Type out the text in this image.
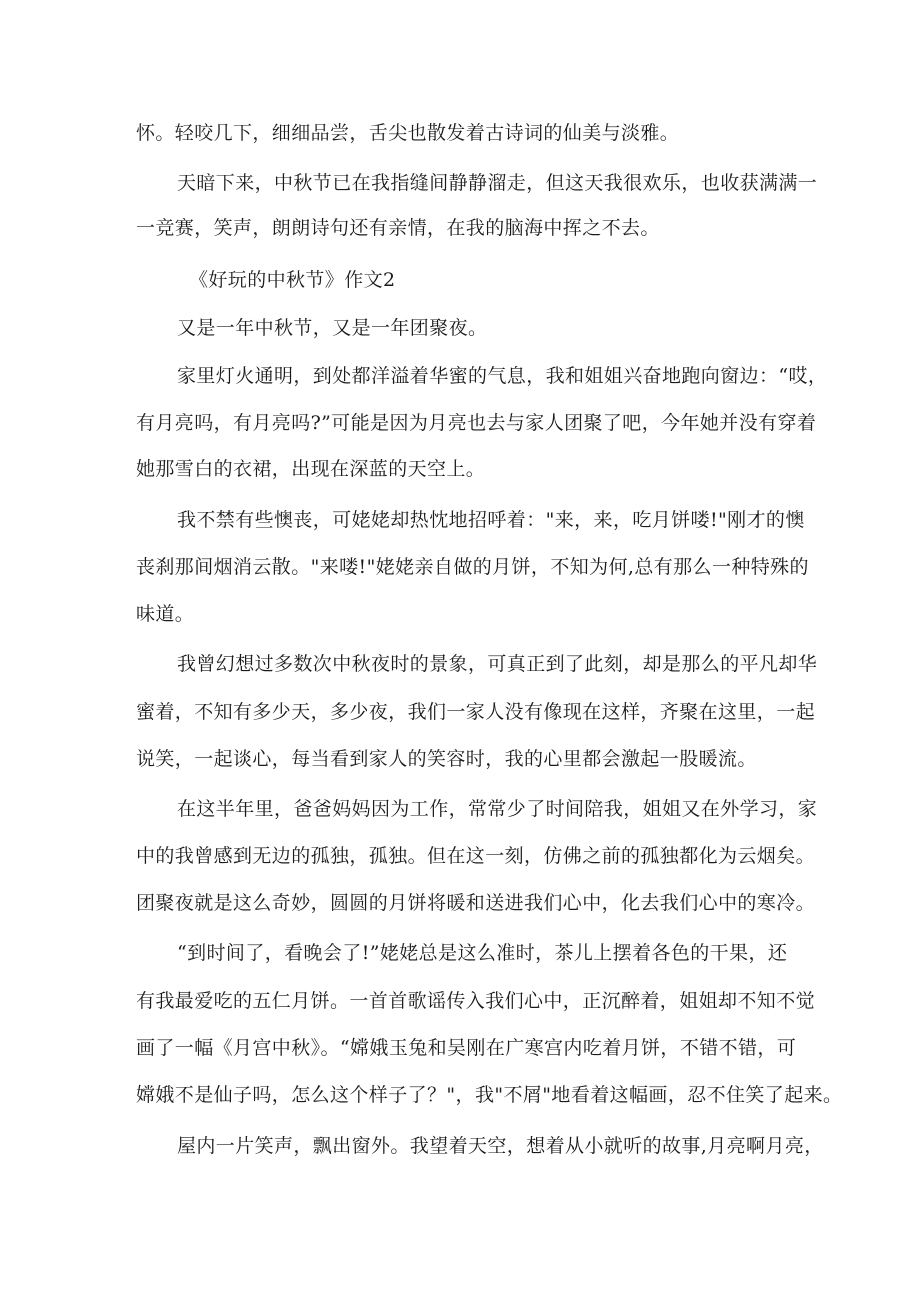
怀。轻咬几下，细细品尝，舌尖也散发着古诗词的仙美与淡雅。
天暗下来，中秋节已在我指缝间静静溜走，但这天我很欢乐，也收获满满一
一竞赛，笑声，朗朗诗句还有亲情，在我的脑海中挥之不去。
《好玩的中秋节》作文2
又是一年中秋节，又是一年团聚夜。
家里灯火通明，到处都洋溢着华蜜的气息，我和姐姐兴奋地跑向窗边：“哎，
有月亮吗，有月亮吗?”可能是因为月亮也去与家人团聚了吧，今年她并没有穿着
她那雪白的衣裙，出现在深蓝的天空上。
我不禁有些懊丧，可姥姥却热忱地招呼着："来，来，吃月饼喽!"刚才的懊
丧刹那间烟消云散。"来喽!"姥姥亲自做的月饼，不知为何,总有那么一种特殊的
味道。
我曾幻想过多数次中秋夜时的景象，可真正到了此刻，却是那么的平凡却华
蜜着，不知有多少天，多少夜，我们一家人没有像现在这样，齐聚在这里，一起
说笑，一起谈心，每当看到家人的笑容时，我的心里都会激起一股暖流。
在这半年里，爸爸妈妈因为工作，常常少了时间陪我，姐姐又在外学习，家
中的我曾感到无边的孤独，孤独。但在这一刻，仿佛之前的孤独都化为云烟矣。
团聚夜就是这么奇妙，圆圆的月饼将暖和送进我们心中，化去我们心中的寒冷。
“到时间了，看晚会了!”姥姥总是这么准时，茶儿上摆着各色的干果，还
有我最爱吃的五仁月饼。一首首歌谣传入我们心中，正沉醉着，姐姐却不知不觉
画了一幅《月宫中秋》。“嫦娥玉兔和吴刚在广寒宫内吃着月饼，不错不错，可
嫦娥不是仙子吗，怎么这个样子了？"，我"不屑"地看着这幅画，忍不住笑了起来。
屋内一片笑声，飘出窗外。我望着天空，想着从小就听的故事,月亮啊月亮，
